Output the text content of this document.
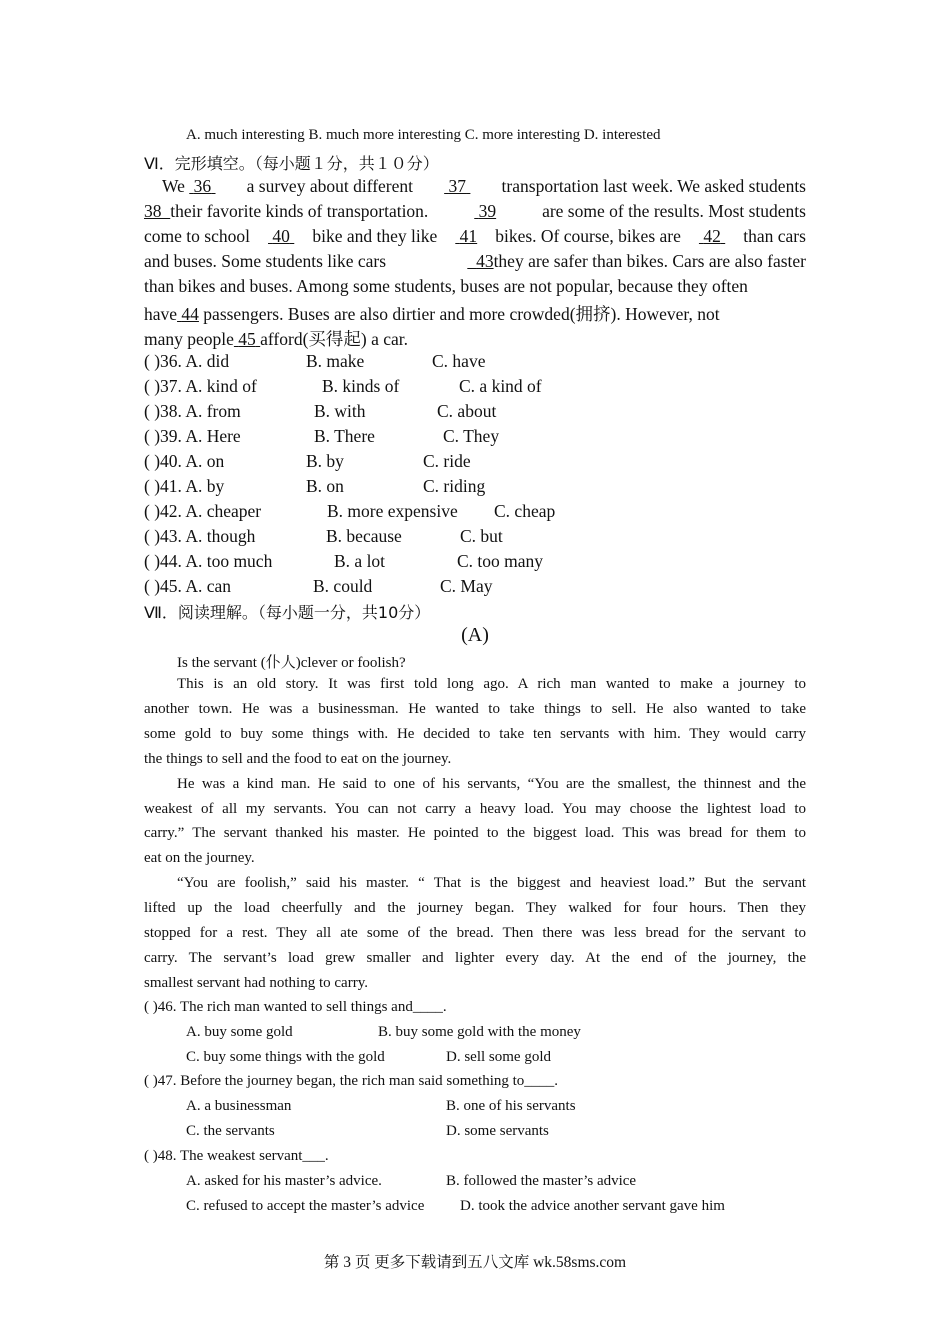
A. much interesting B. much more interesting C. more interesting D. interested
Ⅵ．完形填空。（每小题１分，共１０分）
We 36 a survey about different 37 transportation last week. We asked students
38 their favorite kinds of transportation.	39	are some of the results. Most students
come to school 40 bike and they like 41 bikes. Of course, bikes are 42 than cars
and buses. Some students like cars	43they are safer than bikes. Cars are also faster
than bikes and buses. Among some students, buses are not popular, because they often
have 44 passengers. Buses are also dirtier and more crowded(拥挤). However, not
many people 45 afford(买得起) a car.
( )36. A. did	B. make	C. have
( )37. A. kind of	B. kinds of	C. a kind of
( )38. A. from	B. with	C. about
( )39. A. Here	B. There	C. They
( )40. A. on	B. by	C. ride
( )41. A. by	B. on	C. riding
( )42. A. cheaper	B. more expensive C. cheap
( )43. A. though	B. because	C. but
( )44. A. too much	B. a lot	C. too many
( )45. A. can	B. could	C. May
Ⅶ．阅读理解。（每小题一分，共10分）
(A)
Is the servant (仆人)clever or foolish?
This is an old story. It was first told long ago. A rich man wanted to make a journey to
another town. He was a businessman. He wanted to take things to sell. He also wanted to take
some gold to buy some things with. He decided to take ten servants with him. They would carry
the things to sell and the food to eat on the journey.
He was a kind man. He said to one of his servants, “You are the smallest, the thinnest and the
weakest of all my servants. You can not carry a heavy load. You may choose the lightest load to
carry.” The servant thanked his master. He pointed to the biggest load. This was bread for them to
eat on the journey.
“You are foolish,” said his master. “ That is the biggest and heaviest load.” But the servant
lifted up the load cheerfully and the journey began. They walked for four hours. Then they
stopped for a rest. They all ate some of the bread. Then there was less bread for the servant to
carry. The servant’s load grew smaller and lighter every day. At the end of the journey, the
smallest servant had nothing to carry.
( )46. The rich man wanted to sell things and____.
A. buy some gold	B. buy some gold with the money
C. buy some things with the gold	D. sell some gold
( )47. Before the journey began, the rich man said something to____.
A. a businessman	B. one of his servants
C. the servants	D. some servants
( )48. The weakest servant___.
A. asked for his master’s advice.	B. followed the master’s advice
C. refused to accept the master’s advice D. took the advice another servant gave him
第 3 页 更多下载请到五八文库 wk.58sms.com
